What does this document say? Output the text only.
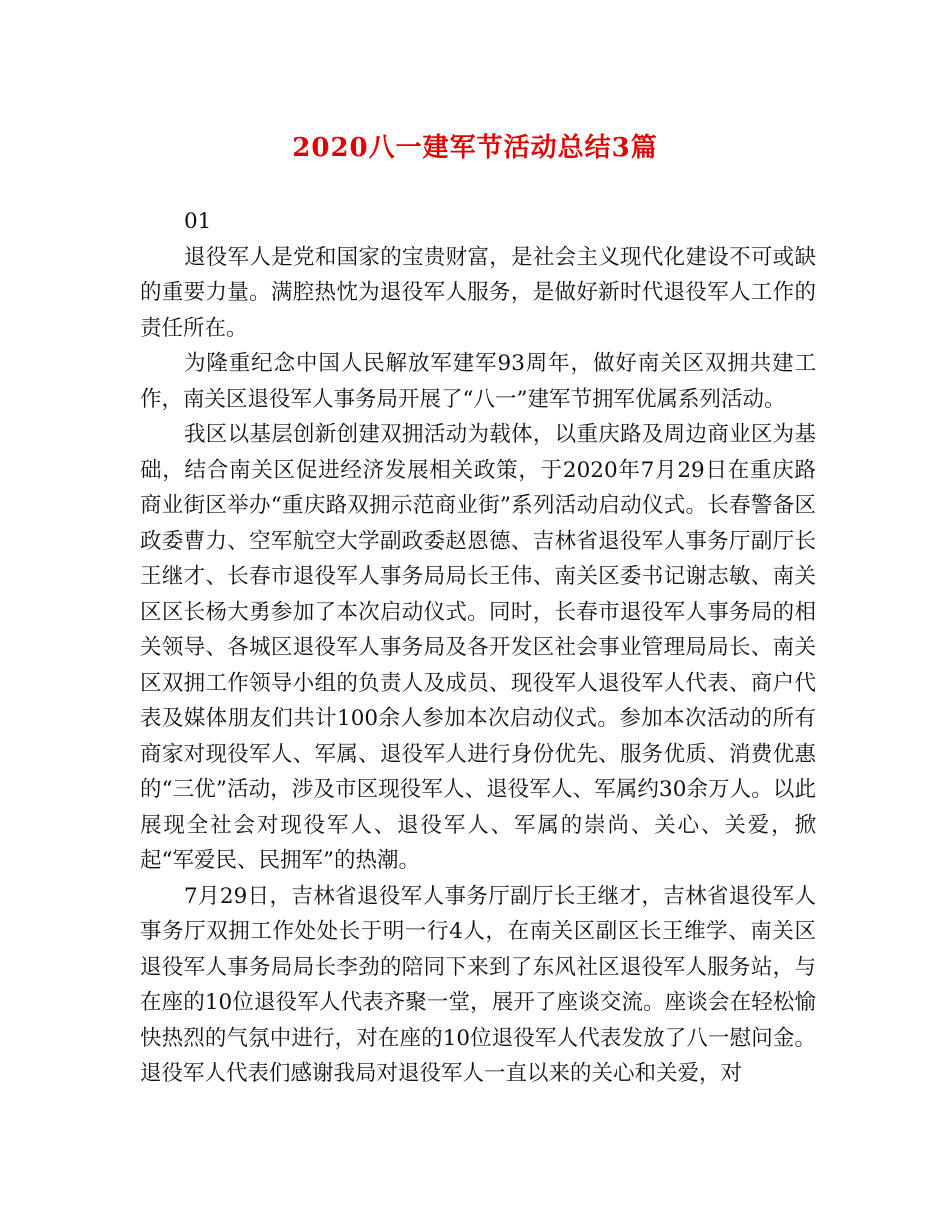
2020八一建军节活动总结3篇

01

退役军人是党和国家的宝贵财富，是社会主义现代化建设不可或缺的重要力量。满腔热忱为退役军人服务，是做好新时代退役军人工作的责任所在。

为隆重纪念中国人民解放军建军93周年，做好南关区双拥共建工作，南关区退役军人事务局开展了“八一”建军节拥军优属系列活动。

我区以基层创新创建双拥活动为载体，以重庆路及周边商业区为基础，结合南关区促进经济发展相关政策，于2020年7月29日在重庆路商业街区举办“重庆路双拥示范商业街”系列活动启动仪式。长春警备区政委曹力、空军航空大学副政委赵恩德、吉林省退役军人事务厅副厅长王继才、长春市退役军人事务局局长王伟、南关区委书记谢志敏、南关区区长杨大勇参加了本次启动仪式。同时，长春市退役军人事务局的相关领导、各城区退役军人事务局及各开发区社会事业管理局局长、南关区双拥工作领导小组的负责人及成员、现役军人退役军人代表、商户代表及媒体朋友们共计100余人参加本次启动仪式。参加本次活动的所有商家对现役军人、军属、退役军人进行身份优先、服务优质、消费优惠的“三优”活动，涉及市区现役军人、退役军人、军属约30余万人。以此展现全社会对现役军人、退役军人、军属的崇尚、关心、关爱，掀起“军爱民、民拥军”的热潮。

7月29日，吉林省退役军人事务厅副厅长王继才，吉林省退役军人事务厅双拥工作处处长于明一行4人，在南关区副区长王维学、南关区退役军人事务局局长李劲的陪同下来到了东风社区退役军人服务站，与在座的10位退役军人代表齐聚一堂，展开了座谈交流。座谈会在轻松愉快热烈的气氛中进行，对在座的10位退役军人代表发放了八一慰问金。退役军人代表们感谢我局对退役军人一直以来的关心和关爱，对
